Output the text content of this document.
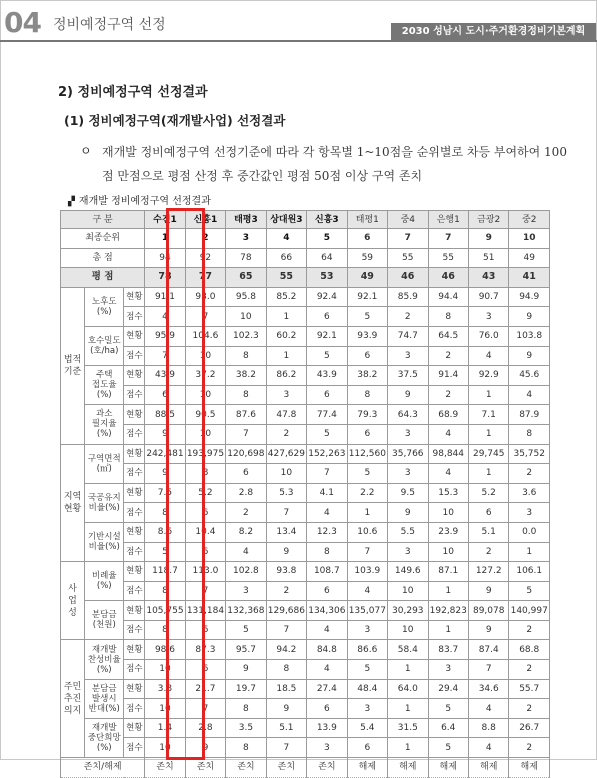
04 정비예정구역 선정	2030 성남시 도시·주거환경정비기본계획
2) 정비예정구역 선정결과
(1) 정비예정구역(재개발사업) 선정결과
ㅇ 재개발 정비예정구역 선정기준에 따라 각 항목별 1~10점을 순위별로 차등 부여하여 100점 만점으로 평점 산정 후 중간값인 평점 50점 이상 구역 존치
▞ 재개발 정비예정구역 선정결과
구 분			수진1	신흥1	태평3	상대원3	신흥3	태평1	중4	은행1	금광2	중2
최종순위			1	2	3	4	5	6	7	7	9	10
총 점			94	92	78	66	64	59	55	55	51	49
평 점			78	77	65	55	53	49	46	46	43	41
법적
기준	노후도
(%)	현황	91.1	93.0	95.8	85.2	92.4	92.1	85.9	94.4	90.7	94.9
		점수	4	7	10	1	6	5	2	8	3	9
	호수밀도
(호/ha)	현황	95.9	104.6	102.3	60.2	92.1	93.9	74.7	64.5	76.0	103.8
		점수	7	10	8	1	5	6	3	2	4	9
	주택
접도율
(%)	현황	43.9	37.2	38.2	86.2	43.9	38.2	37.5	91.4	92.9	45.6
		점수	6	10	8	3	6	8	9	2	1	4
	과소
필지율
(%)	현황	88.5	90.5	87.6	47.8	77.4	79.3	64.3	68.9	7.1	87.9
		점수	9	10	7	2	5	6	3	4	1	8
지역
현황	구역면적
(㎡)	현황	242,481	193,975	120,698	427,629	152,263	112,560	35,766	98,844	29,745	35,752
		점수	9	8	6	10	7	5	3	4	1	2
	국공유지
비율(%)	현황	7.5	5.2	2.8	5.3	4.1	2.2	9.5	15.3	5.2	3.6
		점수	8	6	2	7	4	1	9	10	6	3
	기반시설
비율(%)	현황	8.6	10.4	8.2	13.4	12.3	10.6	5.5	23.9	5.1	0.0
		점수	5	6	4	9	8	7	3	10	2	1
사
업
성	비례율
(%)	현황	118.7	113.0	102.8	93.8	108.7	103.9	149.6	87.1	127.2	106.1
		점수	8	7	3	2	6	4	10	1	9	5
	분담금
(천원)	현황	105,755	131,184	132,368	129,686	134,306	135,077	30,293	192,823	89,078	140,997
		점수	8	6	5	7	4	3	10	1	9	2
주민
추진
의지	재개발
찬성비율
(%)	현황	98.6	87.3	95.7	94.2	84.8	86.6	58.4	83.7	87.4	68.8
		점수	10	6	9	8	4	5	1	3	7	2
	분담금
발생시
반대(%)	현황	3.8	21.7	19.7	18.5	27.4	48.4	64.0	29.4	34.6	55.7
		점수	10	7	8	9	6	3	1	5	4	2
	재개발
중단희망
(%)	현황	1.4	2.8	3.5	5.1	13.9	5.4	31.5	6.4	8.8	26.7
		점수	10	9	8	7	3	6	1	5	4	2
존치/해제			존치	존치	존치	존치	존치	해제	해제	해제	해제	해제
